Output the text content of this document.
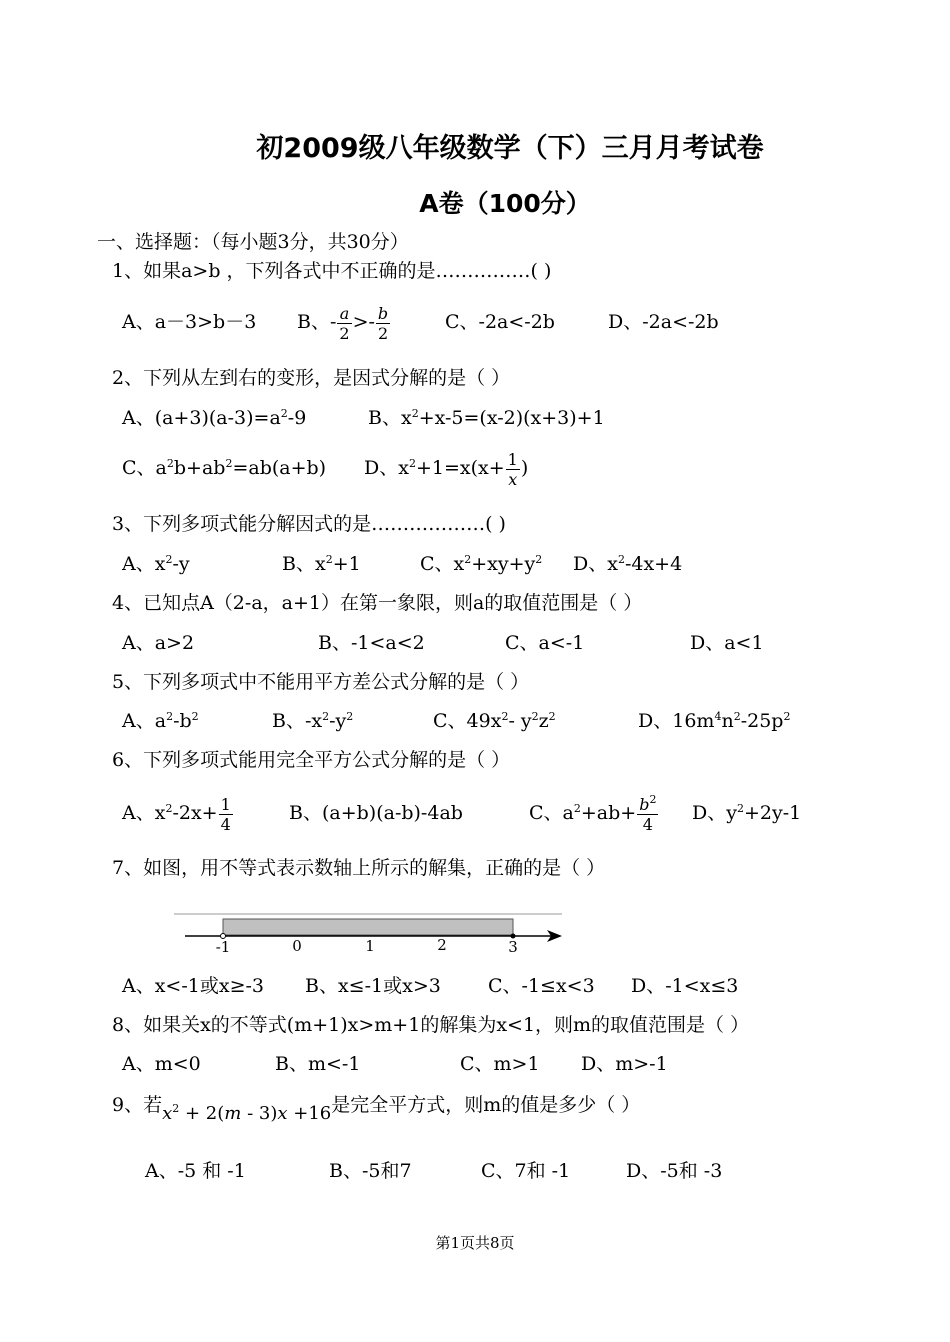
初2009级八年级数学（下）三月月考试卷
A卷（100分）
一、选择题：（每小题3分，共30分）
1、如果a>b ，下列各式中不正确的是……………( )
A、a－3>b－3 B、- $\frac{a}{2} >- \frac{b}{2}$	C、-2a<-2b	D、-2a<-2b
2、下列从左到右的变形，是因式分解的是（ ）
A、$(a+3)(a-3)=a^2-9$	B、$x^2+x-5=(x-2)(x+3)+1$
C、$a^2b+ab^2=ab(a+b)$ D、$x^2+1=x(x+ \frac{1}{x}$ )
3、下列多项式能分解因式的是………………( )
A、$x^2-y$	B、$x^2+1$	C、$x^2+xy+y^2$ D、$x^2-4x+4$
4、已知点A（2-a，a+1）在第一象限，则a的取值范围是（ ）
A、a>2	B、-1<a<2	C、a<-1	D、a<1
5、下列多项式中不能用平方差公式分解的是（ ）
A、$a^2-b^2$	B、$-x^2-y^2$	C、$49x^2-$ $y^2z^2$	D、$16m^4n^2-25p^2$
6、下列多项式能用完全平方公式分解的是（ ）
A、$x^2-2x+ \frac{1}{4}$	B、(a+b)(a-b)-4ab	C、$a^2+ab+ \frac{b^2}{4}$ D、$y^2+2y-1$
7、如图，用不等式表示数轴上所示的解集，正确的是（ ）
-1	0	1	2	3
A、x<-1或x≥-3 B、x≤-1或x>3 C、-1≤x<3 D、-1<x≤3
8、如果关x的不等式(m+1)x>m+1的解集为x<1，则m的取值范围是（ ）
A、m<0	B、m<-1	C、m>1 D、m>-1
9、若$x^2 + 2(m - 3)x +16$是完全平方式，则m的值是多少（ ）
A、-5 和 -1	B、-5和7	C、7和 -1	D、-5和 -3
第1页共8页
